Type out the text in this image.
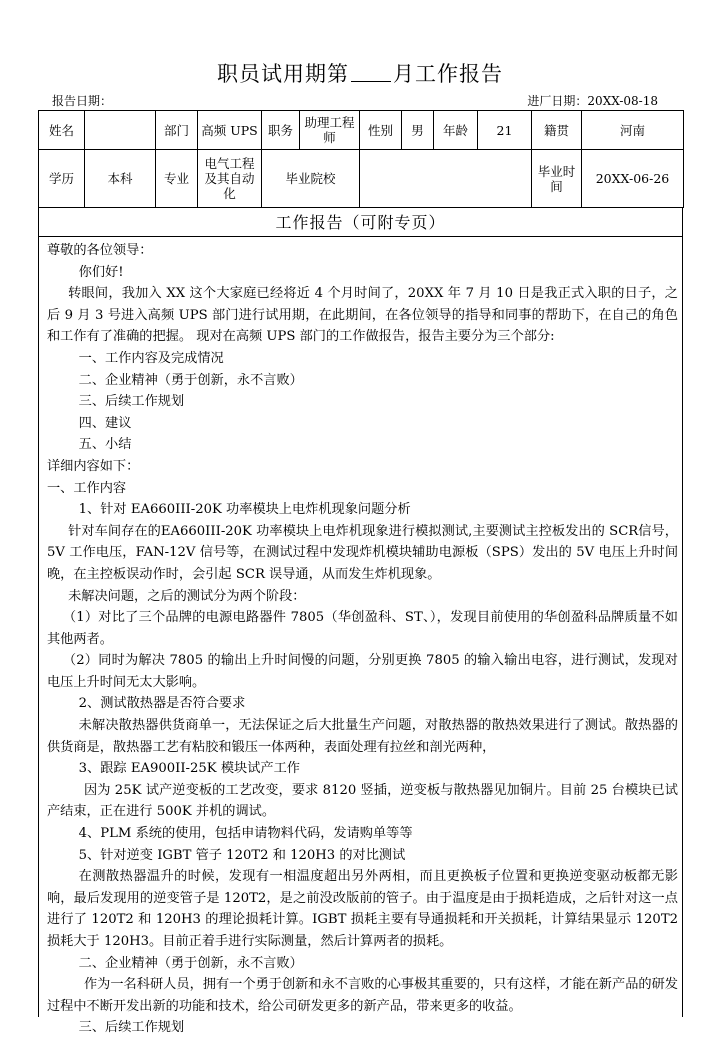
职员试用期第 月工作报告
报告日期：	进厂日期：20XX-08-18
姓名		部门	高频 UPS	职务	助理工程师	性别	男	年龄	21	籍贯	河南
学历	本科	专业	电气工程及其自动化	毕业院校						毕业时间	20XX-06-26
工作报告（可附专页）

尊敬的各位领导：

你们好!

转眼间，我加入 XX 这个大家庭已经将近 4 个月时间了，20XX 年 7 月 10 日是我正式入职的日子，之后 9 月 3 号进入高频 UPS 部门进行试用期，在此期间，在各位领导的指导和同事的帮助下，在自己的角色和工作有了准确的把握。 现对在高频 UPS 部门的工作做报告，报告主要分为三个部分:

一、工作内容及完成情况

二、企业精神（勇于创新，永不言败）

三、后续工作规划

四、建议

五、小结

详细内容如下：

一、工作内容

1、针对 EA660III-20K 功率模块上电炸机现象问题分析

针对车间存在的EA660III-20K 功率模块上电炸机现象进行模拟测试,主要测试主控板发出的 SCR信号，5V 工作电压，FAN-12V 信号等，在测试过程中发现炸机模块辅助电源板（SPS）发出的 5V 电压上升时间晚，在主控板误动作时，会引起 SCR 误导通，从而发生炸机现象。

未解决问题，之后的测试分为两个阶段：

（1）对比了三个品牌的电源电路器件 7805（华创盈科、ST、），发现目前使用的华创盈科品牌质量不如其他两者。

（2）同时为解决 7805 的输出上升时间慢的问题，分别更换 7805 的输入输出电容，进行测试，发现对电压上升时间无太大影响。

2、测试散热器是否符合要求

未解决散热器供货商单一，无法保证之后大批量生产问题，对散热器的散热效果进行了测试。散热器的供货商是，散热器工艺有粘胶和锻压一体两种，表面处理有拉丝和剖光两种，

3、跟踪 EA900II-25K 模块试产工作

因为 25K 试产逆变板的工艺改变，要求 8120 竖插，逆变板与散热器见加铜片。目前 25 台模块已试产结束，正在进行 500K 并机的调试。

4、PLM 系统的使用，包括申请物料代码，发请购单等等

5、针对逆变 IGBT 管子 120T2 和 120H3 的对比测试

在测散热器温升的时候，发现有一相温度超出另外两相，而且更换板子位置和更换逆变驱动板都无影响，最后发现用的逆变管子是 120T2，是之前没改版前的管子。由于温度是由于损耗造成，之后针对这一点进行了 120T2 和 120H3 的理论损耗计算。IGBT 损耗主要有导通损耗和开关损耗，计算结果显示 120T2 损耗大于 120H3。目前正着手进行实际测量，然后计算两者的损耗。

二、企业精神（勇于创新，永不言败）

作为一名科研人员，拥有一个勇于创新和永不言败的心事极其重要的，只有这样，才能在新产品的研发过程中不断开发出新的功能和技术，给公司研发更多的新产品，带来更多的收益。

三、后续工作规划
